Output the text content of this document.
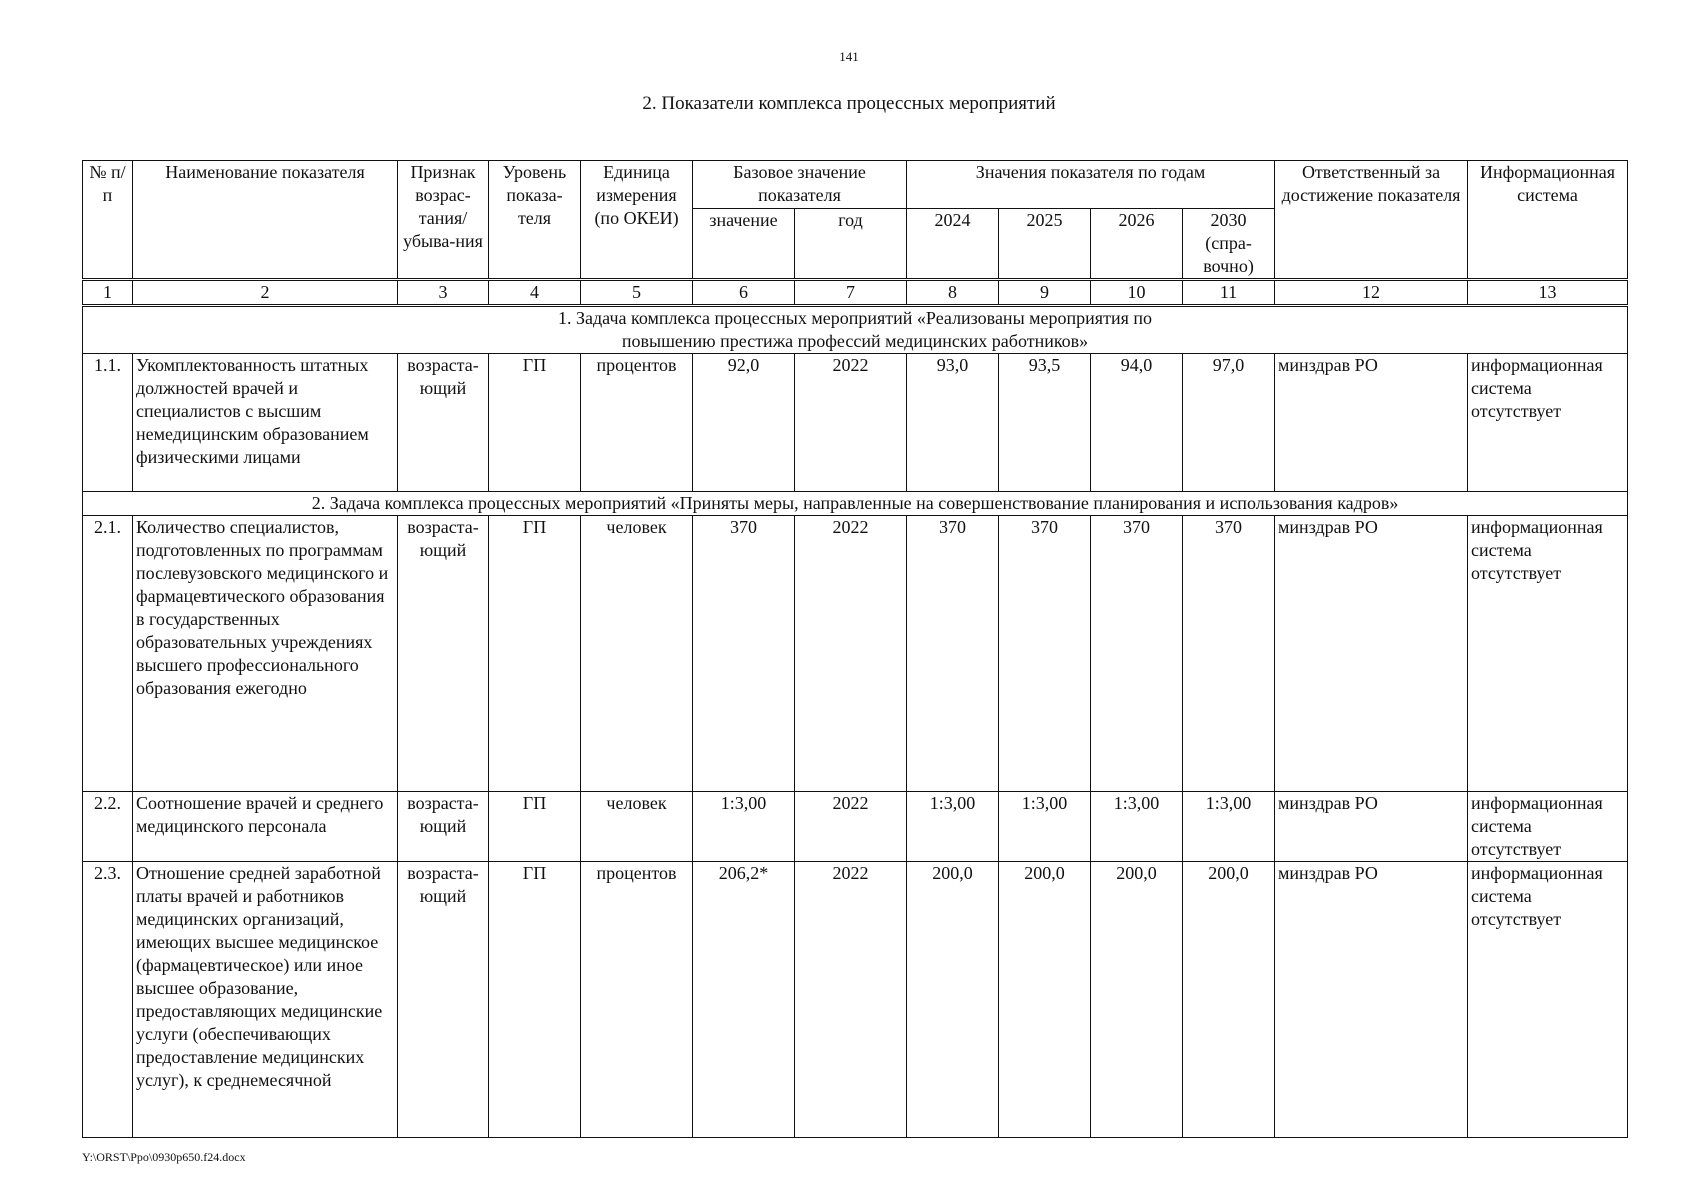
141
2. Показатели комплекса процессных мероприятий
№ п/п	Наименование показателя	Признак возрас-тания/ убыва-ния	Уровень показа-теля	Единица измерения (по ОКЕИ)	Базовое значение показателя		Значения показателя по годам				Ответственный за достижение показателя	Информационная система
					значение	год	2024	2025	2026	2030 (спра-вочно)		
1	2	3	4	5	6	7	8	9	10	11	12	13

1. Задача комплекса процессных мероприятий «Реализованы мероприятия по повышению престижа профессий медицинских работников»												

1.1.	Укомплектованность штатных должностей врачей и специалистов с высшим немедицинским образованием физическими лицами	возраста-ющий	ГП	процентов	92,0	2022	93,0	93,5	94,0	97,0	минздрав РО	информационная система отсутствует
2. Задача комплекса процессных мероприятий «Приняты меры, направленные на совершенствование планирования и использования кадров»												
2.1.	Количество специалистов, подготовленных по программам послевузовского медицинского и фармацевтического образования в государственных образовательных учреждениях высшего профессионального образования ежегодно	возраста-ющий	ГП	человек	370	2022	370	370	370	370	минздрав РО	информационная система отсутствует
2.2.	Соотношение врачей и среднего медицинского персонала	возраста-ющий	ГП	человек	1:3,00	2022	1:3,00	1:3,00	1:3,00	1:3,00	минздрав РО	информационная система отсутствует
2.3.	Отношение средней заработной платы врачей и работников медицинских организаций, имеющих высшее медицинское (фармацевтическое) или иное высшее образование, предоставляющих медицинские услуги (обеспечивающих предоставление медицинских услуг), к среднемесячной	возраста-ющий	ГП	процентов	206,2*	2022	200,0	200,0	200,0	200,0	минздрав РО	информационная система отсутствует
Y:\ORST\Ppo\0930p650.f24.docx
